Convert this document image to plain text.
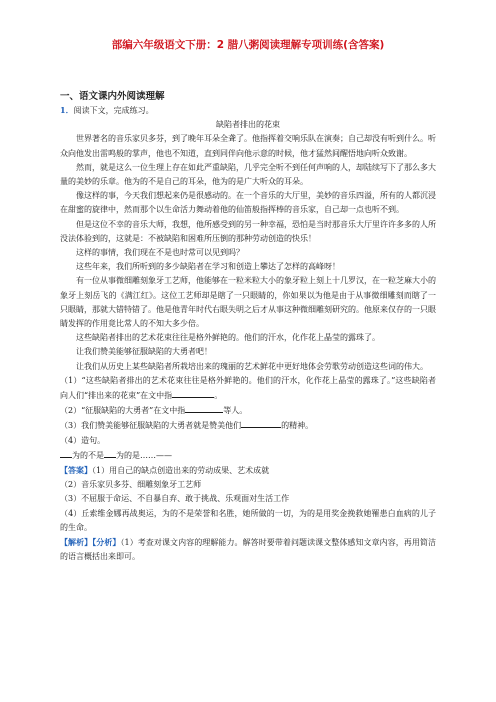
部编六年级语文下册：2 腊八粥阅读理解专项训练(含答案)
一、语文课内外阅读理解
1．阅读下文，完成练习。
缺陷者排出的花束
世界著名的音乐家贝多芬，到了晚年耳朵全聋了。他指挥着交响乐队在演奏；自己却没有听到什么。听众向他发出雷鸣般的掌声，他也不知道，直到同伴向他示意的时候，他才猛然间醒悟地向听众致谢。
然而，就是这么一位生理上存在如此严重缺陷，几乎完全听不到任何声响的人，却陆续写下了那么多大量的美妙的乐章。他为的不是自己的耳朵，他为的是广大听众的耳朵。
像这样的事，今天我们想起来仍是很感动的。在一个音乐的大厅里，美妙的音乐四溢，所有的人都沉浸在甜蜜的旋律中，然而那个以生命活力舞动着他的仙笛般指挥棒的音乐家，自己却一点也听不到。
但是这位不幸的音乐大师，我想，他所感受到的另一种幸福，恐怕是当时那音乐大厅里许许多多的人所没法体验到的，这就是：不被缺陷和困难所压倒的那种劳动创造的快乐！
这样的事情，我们现在不是也时常可以见到吗？
这些年来，我们所听到的多少缺陷者在学习和创造上攀达了怎样的高峰呀！
有一位从事微细雕刻象牙工艺师，他能够在一粒米粒大小的象牙粒上刻上十几罗汉，在一粒芝麻大小的象牙上刻岳飞的《满江红》。这位工艺师却是瞎了一只眼睛的，你如果以为他是由于从事微细雕刻而瞎了一只眼睛，那就大错特错了。他是他青年时代右眼失明之后才从事这种微细雕刻研究的。他原来仅存的一只眼睛发挥的作用竟比常人的不知大多少倍。
这些缺陷者排出的艺术花束往往是格外鲜艳的。他们的汗水，化作花上晶莹的露珠了。
让我们赞美能够征服缺陷的大勇者吧！
让我们从历史上某些缺陷者所栽培出来的瑰丽的艺术鲜花中更好地体会劳歌劳动创造这些词的伟大。
（1）“这些缺陷者排出的艺术花束往往是格外鲜艳的。他们的汗水，化作花上晶莹的露珠了。”这些缺陷者向人们“排出来的花束”在文中指	。
（2）“征服缺陷的大勇者”在文中指	等人。
（3）我们赞美能够征服缺陷的大勇者就是赞美他们	的精神。
（4）造句。
为的不是 为的是……——
【答案】（1）用自己的缺点创造出来的劳动成果、艺术成就
（2）音乐家贝多芬、细雕刻象牙工艺师
（3）不屈服于命运、不自暴自弃、敢于挑战、乐观面对生活工作
（4）丘索维金娜再战奥运，为的不是荣誉和名胜，她所做的一切，为的是用奖金挽救她罹患白血病的儿子的生命。
【解析】【分析】（1）考查对课文内容的理解能力。解答时要带着问题读课文整体感知文章内容，再用简洁的语言概括出来即可。
